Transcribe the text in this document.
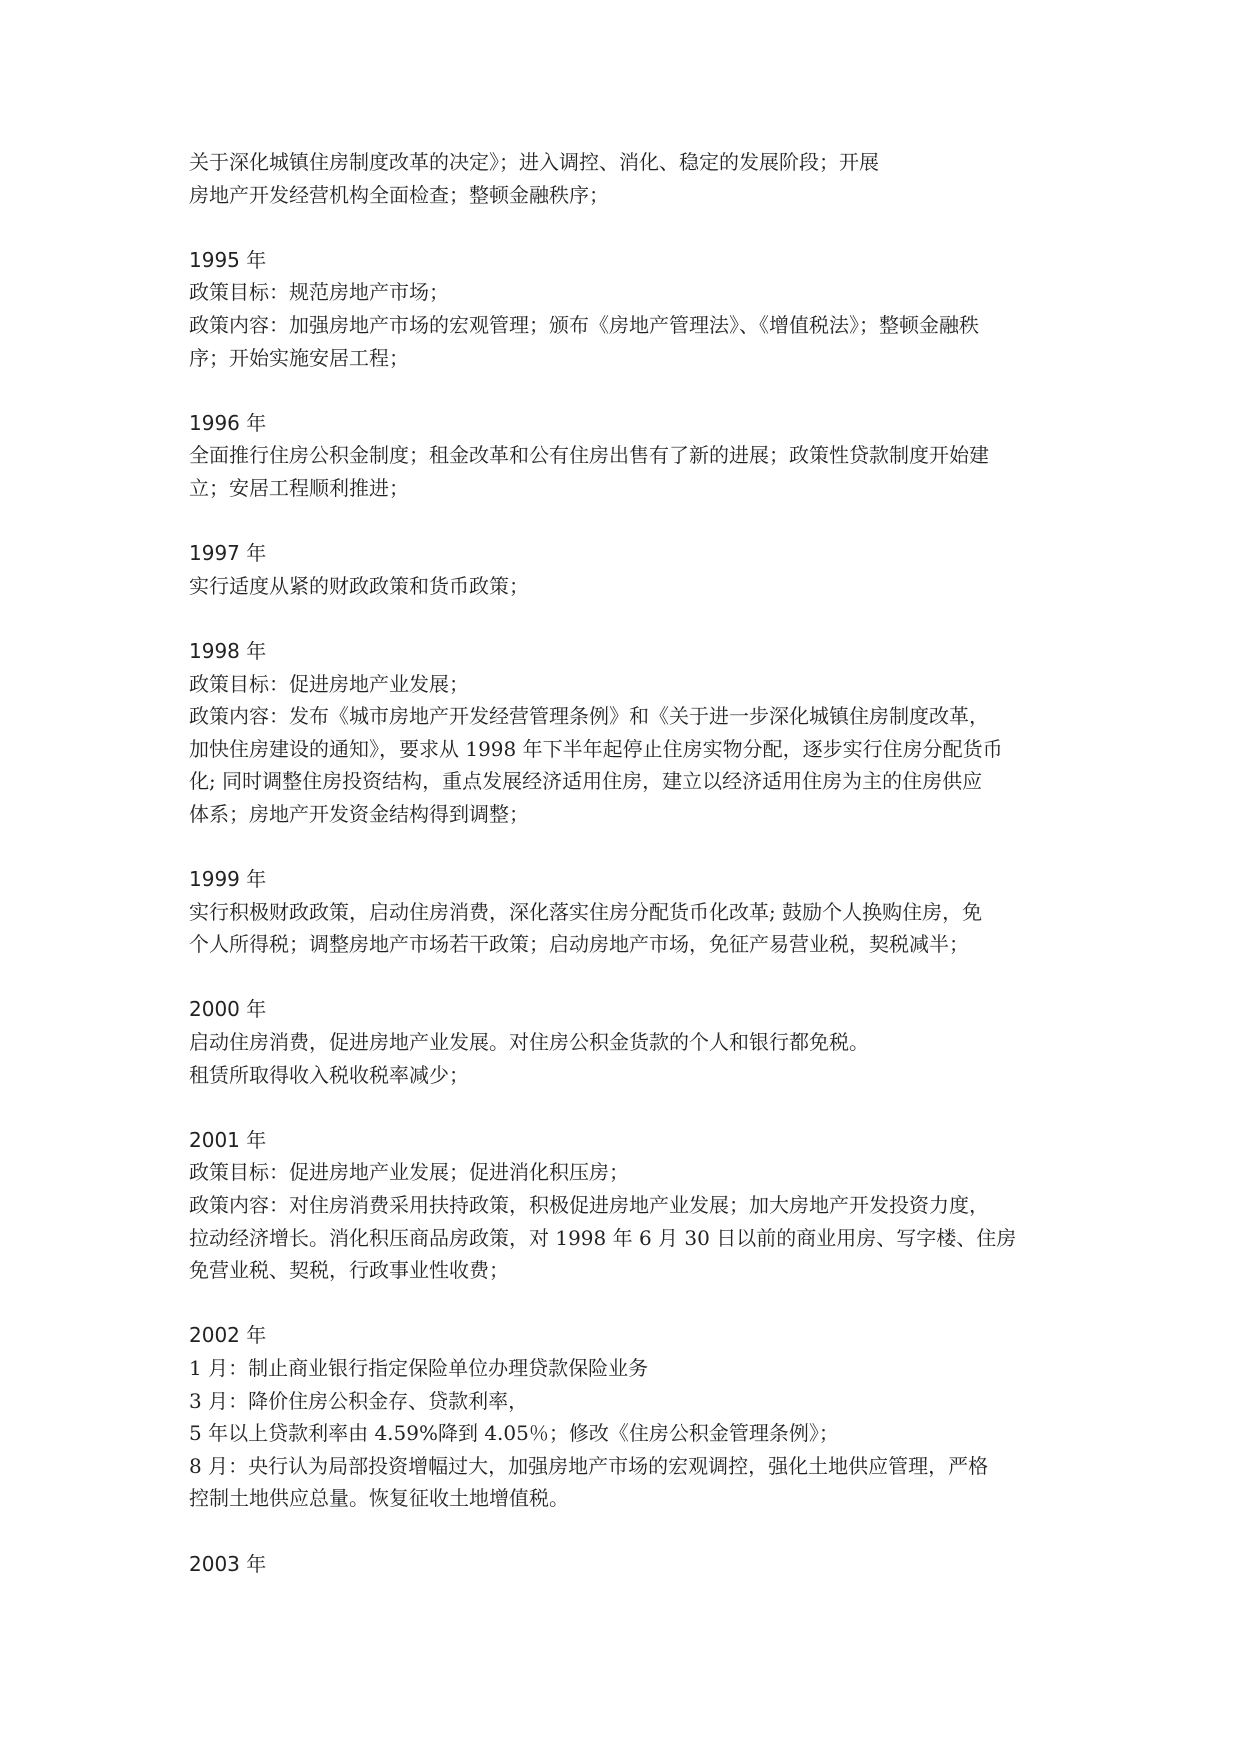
关于深化城镇住房制度改革的决定》；进入调控、消化、稳定的发展阶段；开展
房地产开发经营机构全面检查；整顿金融秩序；
1995 年
政策目标：规范房地产市场；
政策内容：加强房地产市场的宏观管理；颁布《房地产管理法》、《增值税法》；整顿金融秩
序；开始实施安居工程；
1996 年
全面推行住房公积金制度；租金改革和公有住房出售有了新的进展；政策性贷款制度开始建
立；安居工程顺利推进；
1997 年
实行适度从紧的财政政策和货币政策；
1998 年
政策目标：促进房地产业发展；
政策内容：发布《城市房地产开发经营管理条例》和《关于进一步深化城镇住房制度改革，
加快住房建设的通知》，要求从 1998 年下半年起停止住房实物分配，逐步实行住房分配货币
化; 同时调整住房投资结构，重点发展经济适用住房，建立以经济适用住房为主的住房供应
体系；房地产开发资金结构得到调整；
1999 年
实行积极财政政策，启动住房消费，深化落实住房分配货币化改革; 鼓励个人换购住房，免
个人所得税；调整房地产市场若干政策；启动房地产市场，免征产易营业税，契税减半；
2000 年
启动住房消费，促进房地产业发展。对住房公积金货款的个人和银行都免税。
租赁所取得收入税收税率减少；
2001 年
政策目标：促进房地产业发展；促进消化积压房；
政策内容：对住房消费采用扶持政策，积极促进房地产业发展；加大房地产开发投资力度，
拉动经济增长。消化积压商品房政策，对 1998 年 6 月 30 日以前的商业用房、写字楼、住房
免营业税、契税，行政事业性收费；
2002 年
1 月：制止商业银行指定保险单位办理贷款保险业务
3 月：降价住房公积金存、贷款利率，
5 年以上贷款利率由 4.59%降到 4.05％；修改《住房公积金管理条例》；
8 月：央行认为局部投资增幅过大，加强房地产市场的宏观调控，强化土地供应管理，严格
控制土地供应总量。恢复征收土地增值税。
2003 年
